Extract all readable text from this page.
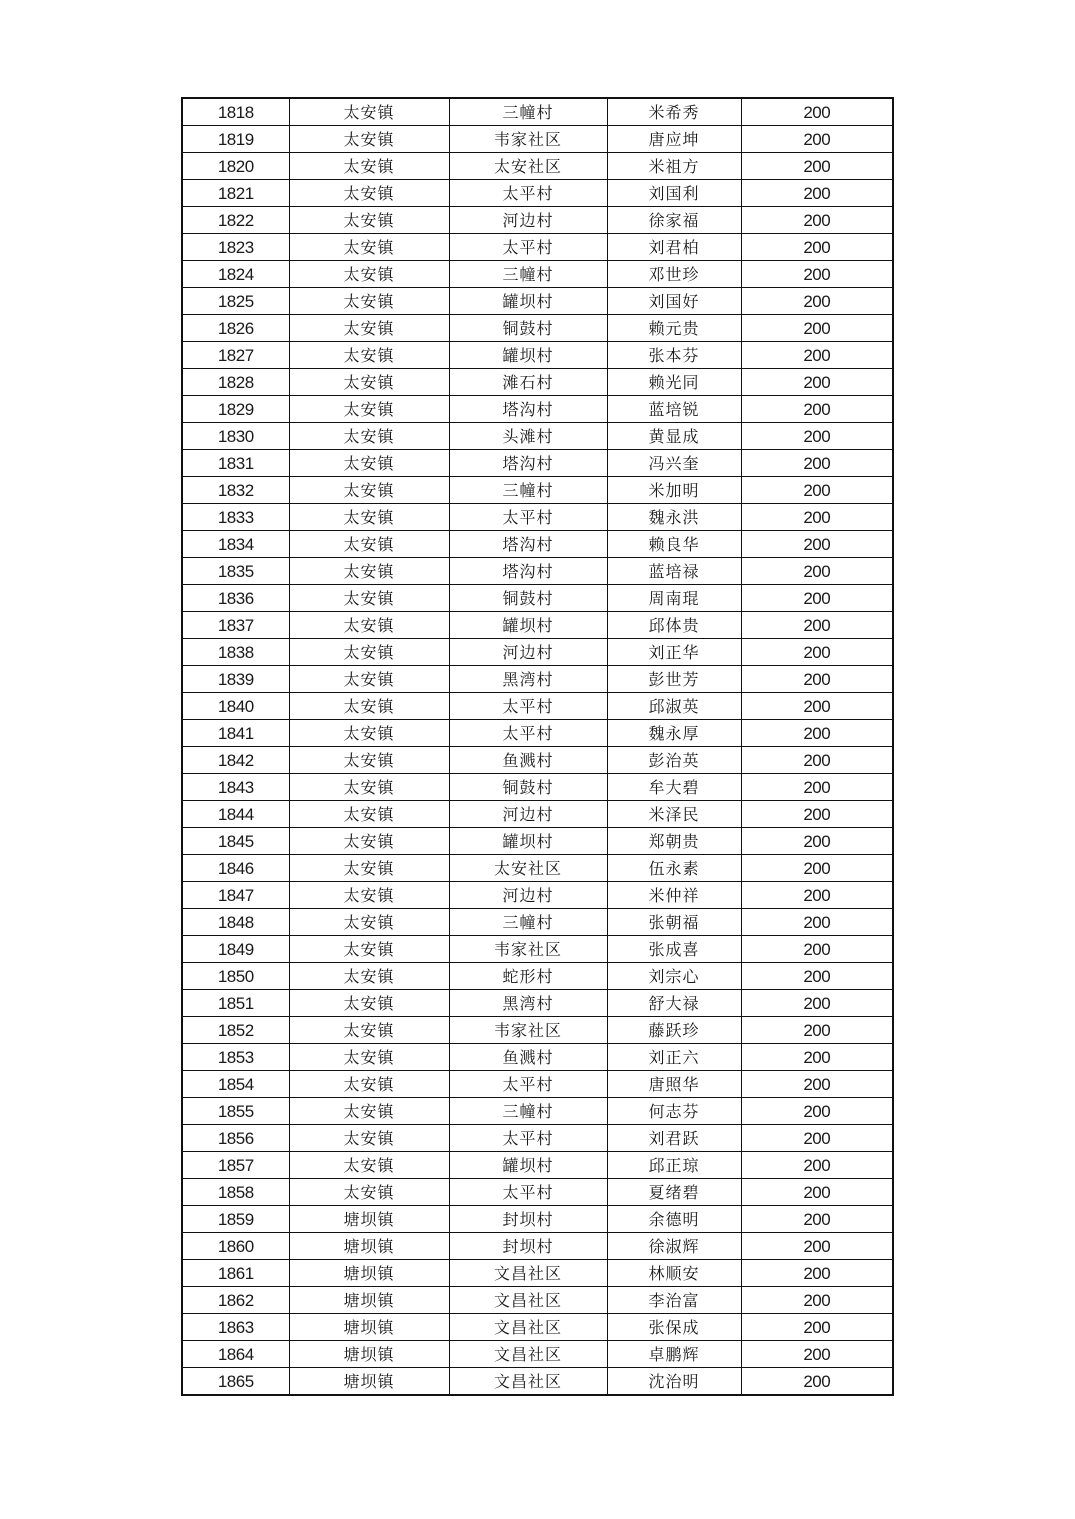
1818	太安镇	三幢村	米希秀	200
1819	太安镇	韦家社区	唐应坤	200
1820	太安镇	太安社区	米祖方	200
1821	太安镇	太平村	刘国利	200
1822	太安镇	河边村	徐家福	200
1823	太安镇	太平村	刘君柏	200
1824	太安镇	三幢村	邓世珍	200
1825	太安镇	罐坝村	刘国好	200
1826	太安镇	铜鼓村	赖元贵	200
1827	太安镇	罐坝村	张本芬	200
1828	太安镇	滩石村	赖光同	200
1829	太安镇	塔沟村	蓝培锐	200
1830	太安镇	头滩村	黄显成	200
1831	太安镇	塔沟村	冯兴奎	200
1832	太安镇	三幢村	米加明	200
1833	太安镇	太平村	魏永洪	200
1834	太安镇	塔沟村	赖良华	200
1835	太安镇	塔沟村	蓝培禄	200
1836	太安镇	铜鼓村	周南琨	200
1837	太安镇	罐坝村	邱体贵	200
1838	太安镇	河边村	刘正华	200
1839	太安镇	黑湾村	彭世芳	200
1840	太安镇	太平村	邱淑英	200
1841	太安镇	太平村	魏永厚	200
1842	太安镇	鱼溅村	彭治英	200
1843	太安镇	铜鼓村	牟大碧	200
1844	太安镇	河边村	米泽民	200
1845	太安镇	罐坝村	郑朝贵	200
1846	太安镇	太安社区	伍永素	200
1847	太安镇	河边村	米仲祥	200
1848	太安镇	三幢村	张朝福	200
1849	太安镇	韦家社区	张成喜	200
1850	太安镇	蛇形村	刘宗心	200
1851	太安镇	黑湾村	舒大禄	200
1852	太安镇	韦家社区	藤跃珍	200
1853	太安镇	鱼溅村	刘正六	200
1854	太安镇	太平村	唐照华	200
1855	太安镇	三幢村	何志芬	200
1856	太安镇	太平村	刘君跃	200
1857	太安镇	罐坝村	邱正琼	200
1858	太安镇	太平村	夏绪碧	200
1859	塘坝镇	封坝村	余德明	200
1860	塘坝镇	封坝村	徐淑辉	200
1861	塘坝镇	文昌社区	林顺安	200
1862	塘坝镇	文昌社区	李治富	200
1863	塘坝镇	文昌社区	张保成	200
1864	塘坝镇	文昌社区	卓鹏辉	200
1865	塘坝镇	文昌社区	沈治明	200
